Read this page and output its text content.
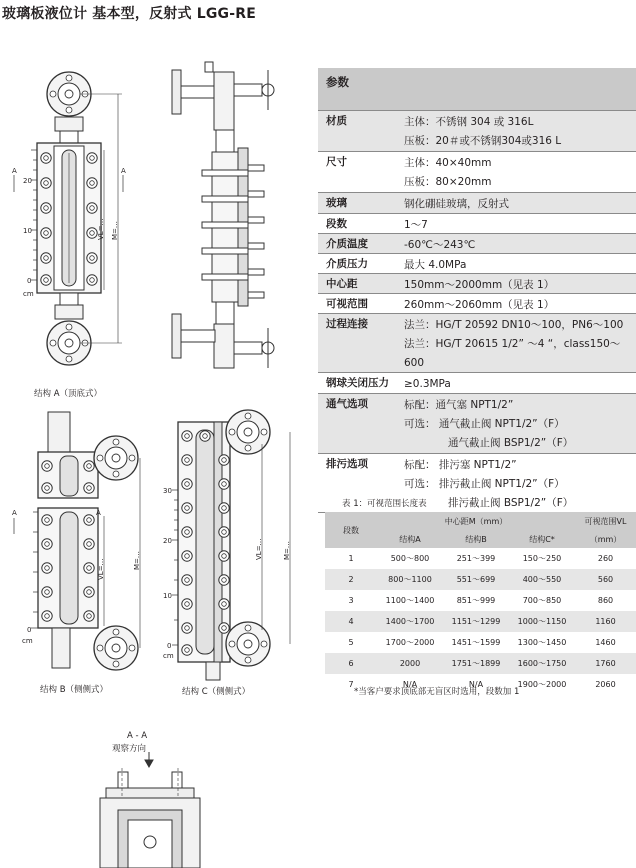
玻璃板液位计 基本型，反射式 LGG-RE
20
10
0
cm
A	A
VL=… M=…
0
cm
A	A
VL=…	M=…
30
20
10
0
cm
VL=…	M=…
结构 A（顶底式）
结构 B（侧侧式）	结构 C（侧侧式）
A - A
观察方向
参数
材质	主体：不锈钢 304 或 316L
压板：20＃或不锈钢304或316 L
尺寸	主体：40×40mm
压板：80×20mm
玻璃	钢化硼硅玻璃，反射式
段数	1～7
介质温度	-60℃～243℃
介质压力	最大 4.0MPa
中心距	150mm～2000mm（见表 1）
可视范围	260mm～2060mm（见表 1）
过程连接	法兰：HG/T 20592 DN10～100，PN6～100
法兰：HG/T 20615 1/2” ～4 “，class150～600
钢球关闭压力 ≥0.3MPa
通气选项	标配：通气塞 NPT1/2”
可选： 通气截止阀 NPT1/2”（F）
通气截止阀 BSP1/2”（F）
排污选项	标配： 排污塞 NPT1/2”
可选： 排污截止阀 NPT1/2”（F）
排污截止阀 BSP1/2”（F）
表 1：可视范围长度表
段数	中心距M（mm）			可视范围VL
	结构A	结构B	结构C*	（mm）
1	500～800	251～399	150～250	260
2	800～1100	551～699	400～550	560
3	1100～1400	851～999	700～850	860
4	1400～1700	1151～1299	1000～1150	1160
5	1700～2000	1451～1599	1300～1450	1460
6	2000	1751～1899	1600～1750	1760
7	N/A	N/A	1900～2000	2060
*当客户要求顶底部无盲区时选用，段数加 1
